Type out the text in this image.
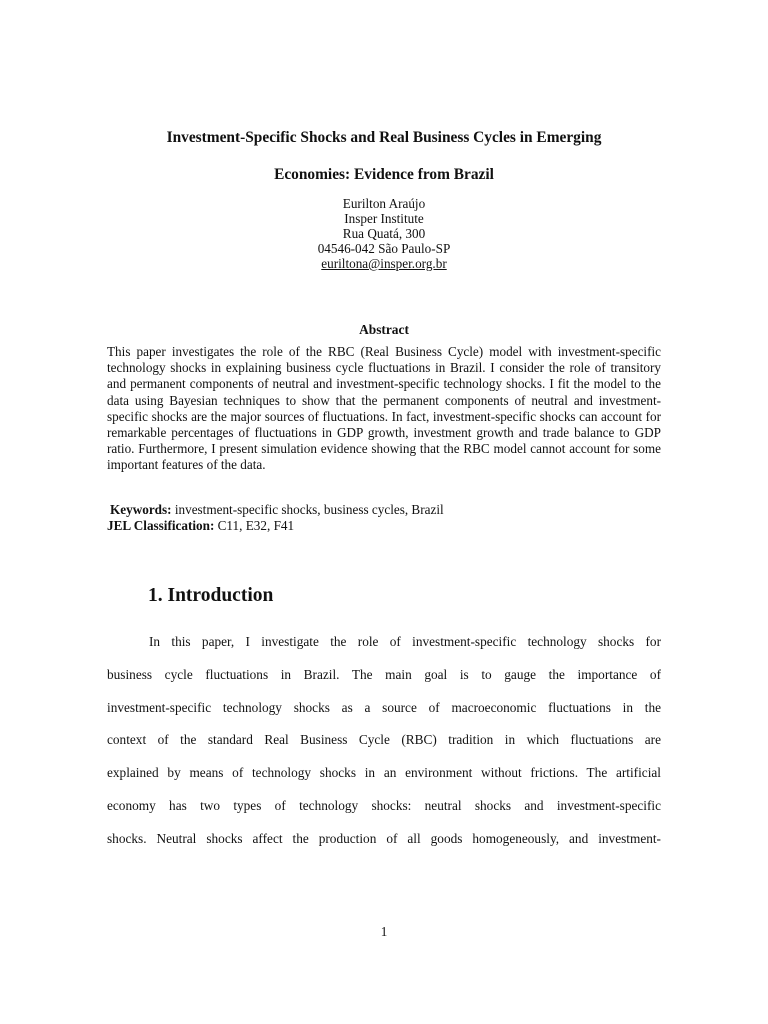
Investment-Specific Shocks and Real Business Cycles in Emerging
Economies: Evidence from Brazil
Eurilton Araújo
Insper Institute
Rua Quatá, 300
04546-042 São Paulo-SP
euriltona@insper.org.br
Abstract
This paper investigates the role of the RBC (Real Business Cycle) model with investment-specific technology shocks in explaining business cycle fluctuations in Brazil. I consider the role of transitory and permanent components of neutral and investment-specific technology shocks. I fit the model to the data using Bayesian techniques to show that the permanent components of neutral and investment-specific shocks are the major sources of fluctuations. In fact, investment-specific shocks can account for remarkable percentages of fluctuations in GDP growth, investment growth and trade balance to GDP ratio. Furthermore, I present simulation evidence showing that the RBC model cannot account for some important features of the data.
Keywords: investment-specific shocks, business cycles, Brazil
JEL Classification: C11, E32, F41
1. Introduction
In this paper, I investigate the role of investment-specific technology shocks for
business cycle fluctuations in Brazil. The main goal is to gauge the importance of
investment-specific technology shocks as a source of macroeconomic fluctuations in the
context of the standard Real Business Cycle (RBC) tradition in which fluctuations are
explained by means of technology shocks in an environment without frictions. The artificial
economy has two types of technology shocks: neutral shocks and investment-specific
shocks. Neutral shocks affect the production of all goods homogeneously, and investment-
1
